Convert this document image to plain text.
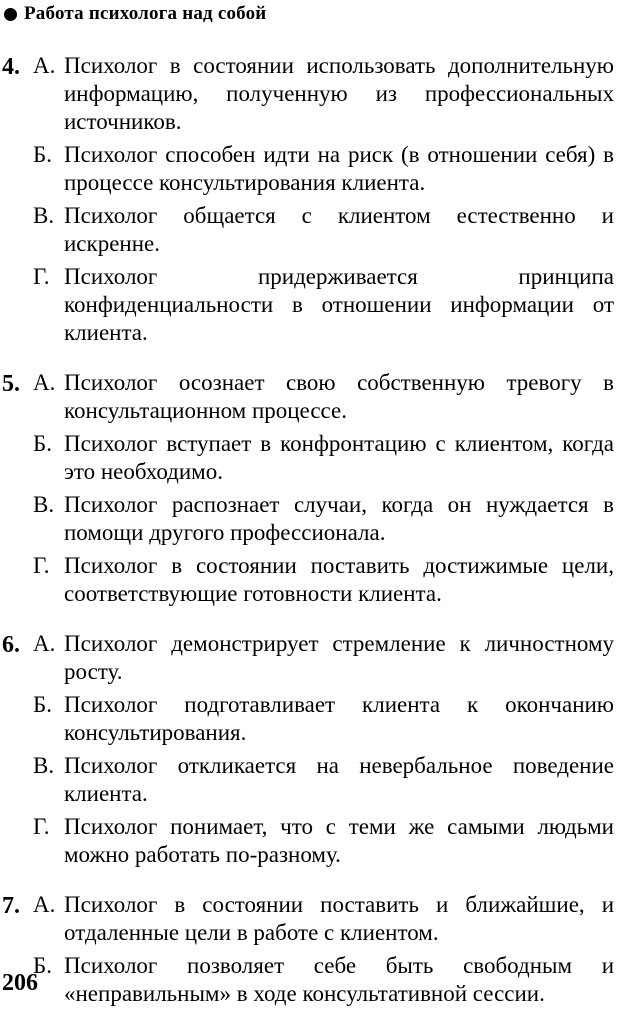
Работа психолога над собой
4. А. Психолог в состоянии использовать дополнительную информацию, полученную из профессиональных источников.
Б. Психолог способен идти на риск (в отношении себя) в процессе консультирования клиента.
В. Психолог общается с клиентом естественно и искренне.
Г. Психолог придерживается принципа конфиденциальности в отношении информации от клиента.
5. А. Психолог осознает свою собственную тревогу в консультационном процессе.
Б. Психолог вступает в конфронтацию с клиентом, когда это необходимо.
В. Психолог распознает случаи, когда он нуждается в помощи другого профессионала.
Г. Психолог в состоянии поставить достижимые цели, соответствующие готовности клиента.
6. А. Психолог демонстрирует стремление к личностному росту.
Б. Психолог подготавливает клиента к окончанию консультирования.
В. Психолог откликается на невербальное поведение клиента.
Г. Психолог понимает, что с теми же самыми людьми можно работать по-разному.
7. А. Психолог в состоянии поставить и ближайшие, и отдаленные цели в работе с клиентом.
Б. Психолог позволяет себе быть свободным и «неправильным» в ходе консультативной сессии.
206
